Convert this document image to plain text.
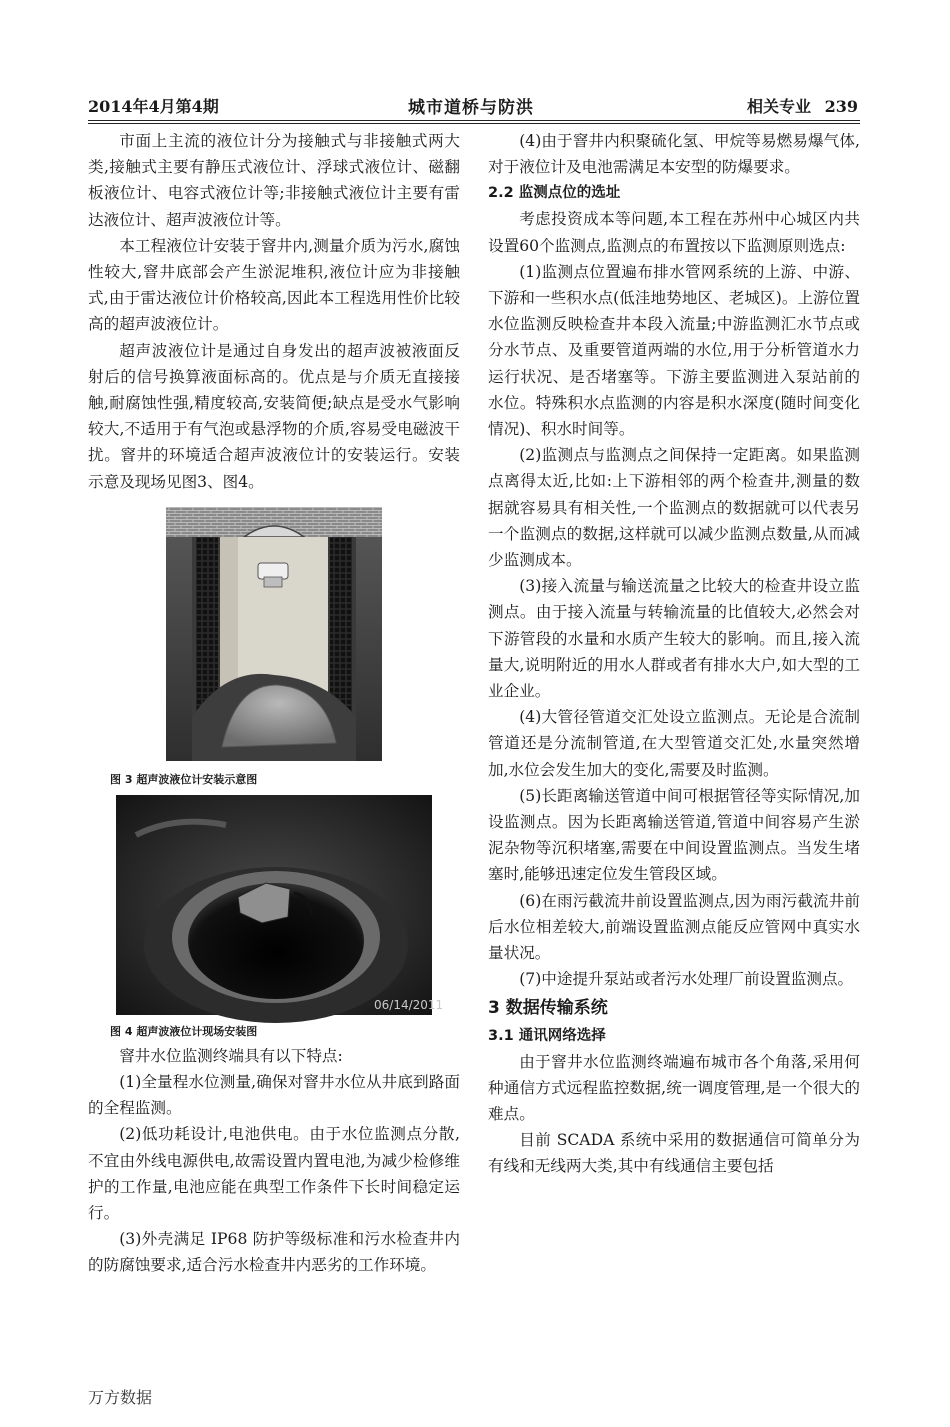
2014年4月第4期	城市道桥与防洪	相关专业 239

市面上主流的液位计分为接触式与非接触式两大类,接触式主要有静压式液位计、浮球式液位计、磁翻板液位计、电容式液位计等;非接触式液位计主要有雷达液位计、超声波液位计等。

本工程液位计安装于窨井内,测量介质为污水,腐蚀性较大,窨井底部会产生淤泥堆积,液位计应为非接触式,由于雷达液位计价格较高,因此本工程选用性价比较高的超声波液位计。

超声波液位计是通过自身发出的超声波被液面反射后的信号换算液面标高的。优点是与介质无直接接触,耐腐蚀性强,精度较高,安装简便;缺点是受水气影响较大,不适用于有气泡或悬浮物的介质,容易受电磁波干扰。窨井的环境适合超声波液位计的安装运行。安装示意及现场见图3、图4。

图 3 超声波液位计安装示意图

06/14/2011

图 4 超声波液位计现场安装图

窨井水位监测终端具有以下特点:

(1)全量程水位测量,确保对窨井水位从井底到路面的全程监测。

(2)低功耗设计,电池供电。由于水位监测点分散,不宜由外线电源供电,故需设置内置电池,为减少检修维护的工作量,电池应能在典型工作条件下长时间稳定运行。

(3)外壳满足 IP68 防护等级标准和污水检查井内的防腐蚀要求,适合污水检查井内恶劣的工作环境。

(4)由于窨井内积聚硫化氢、甲烷等易燃易爆气体,对于液位计及电池需满足本安型的防爆要求。

2.2 监测点位的选址

考虑投资成本等问题,本工程在苏州中心城区内共设置60个监测点,监测点的布置按以下监测原则选点:

(1)监测点位置遍布排水管网系统的上游、中游、下游和一些积水点(低洼地势地区、老城区)。上游位置水位监测反映检查井本段入流量;中游监测汇水节点或分水节点、及重要管道两端的水位,用于分析管道水力运行状况、是否堵塞等。下游主要监测进入泵站前的水位。特殊积水点监测的内容是积水深度(随时间变化情况)、积水时间等。

(2)监测点与监测点之间保持一定距离。如果监测点离得太近,比如:上下游相邻的两个检查井,测量的数据就容易具有相关性,一个监测点的数据就可以代表另一个监测点的数据,这样就可以减少监测点数量,从而减少监测成本。

(3)接入流量与输送流量之比较大的检查井设立监测点。由于接入流量与转输流量的比值较大,必然会对下游管段的水量和水质产生较大的影响。而且,接入流量大,说明附近的用水人群或者有排水大户,如大型的工业企业。

(4)大管径管道交汇处设立监测点。无论是合流制管道还是分流制管道,在大型管道交汇处,水量突然增加,水位会发生加大的变化,需要及时监测。

(5)长距离输送管道中间可根据管径等实际情况,加设监测点。因为长距离输送管道,管道中间容易产生淤泥杂物等沉积堵塞,需要在中间设置监测点。当发生堵塞时,能够迅速定位发生管段区域。

(6)在雨污截流井前设置监测点,因为雨污截流井前后水位相差较大,前端设置监测点能反应管网中真实水量状况。

(7)中途提升泵站或者污水处理厂前设置监测点。

3 数据传输系统

3.1 通讯网络选择

由于窨井水位监测终端遍布城市各个角落,采用何种通信方式远程监控数据,统一调度管理,是一个很大的难点。

目前 SCADA 系统中采用的数据通信可简单分为有线和无线两大类,其中有线通信主要包括

万方数据
